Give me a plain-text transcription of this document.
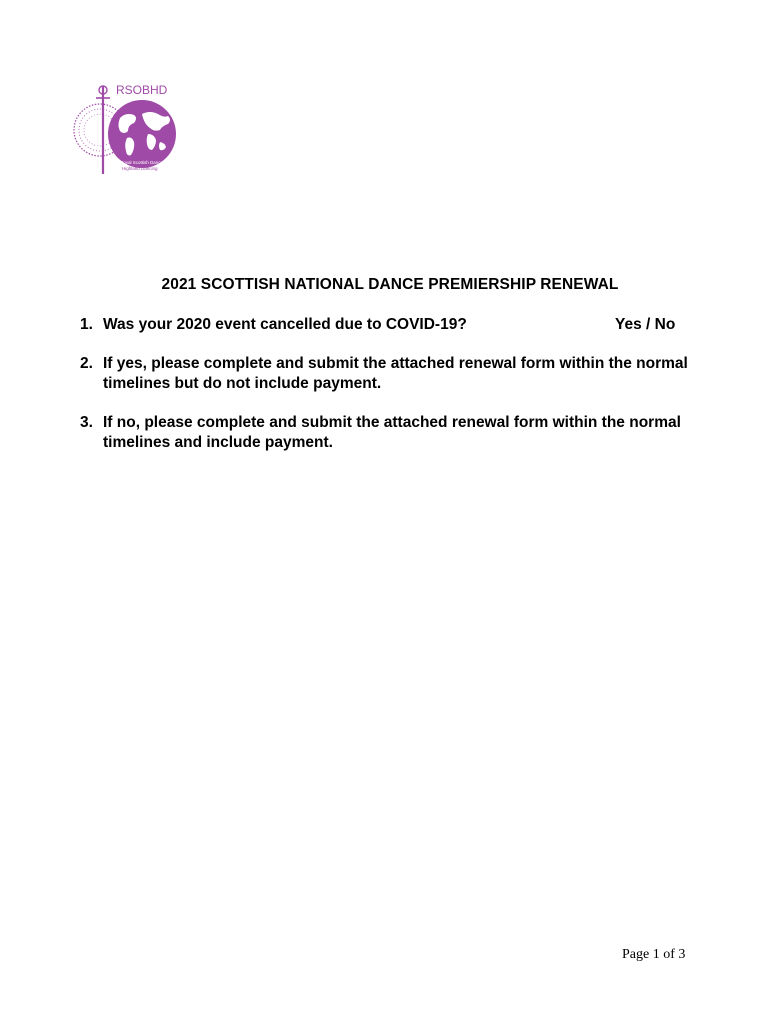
RSOBHD
Royal Scottish Dance
Highland Dancing
2021 SCOTTISH NATIONAL DANCE PREMIERSHIP RENEWAL
1. Was your 2020 event cancelled due to COVID-19?	Yes / No
2. If yes, please complete and submit the attached renewal form within the normal timelines but do not include payment.
3. If no, please complete and submit the attached renewal form within the normal timelines and include payment.
Page 1 of 3
